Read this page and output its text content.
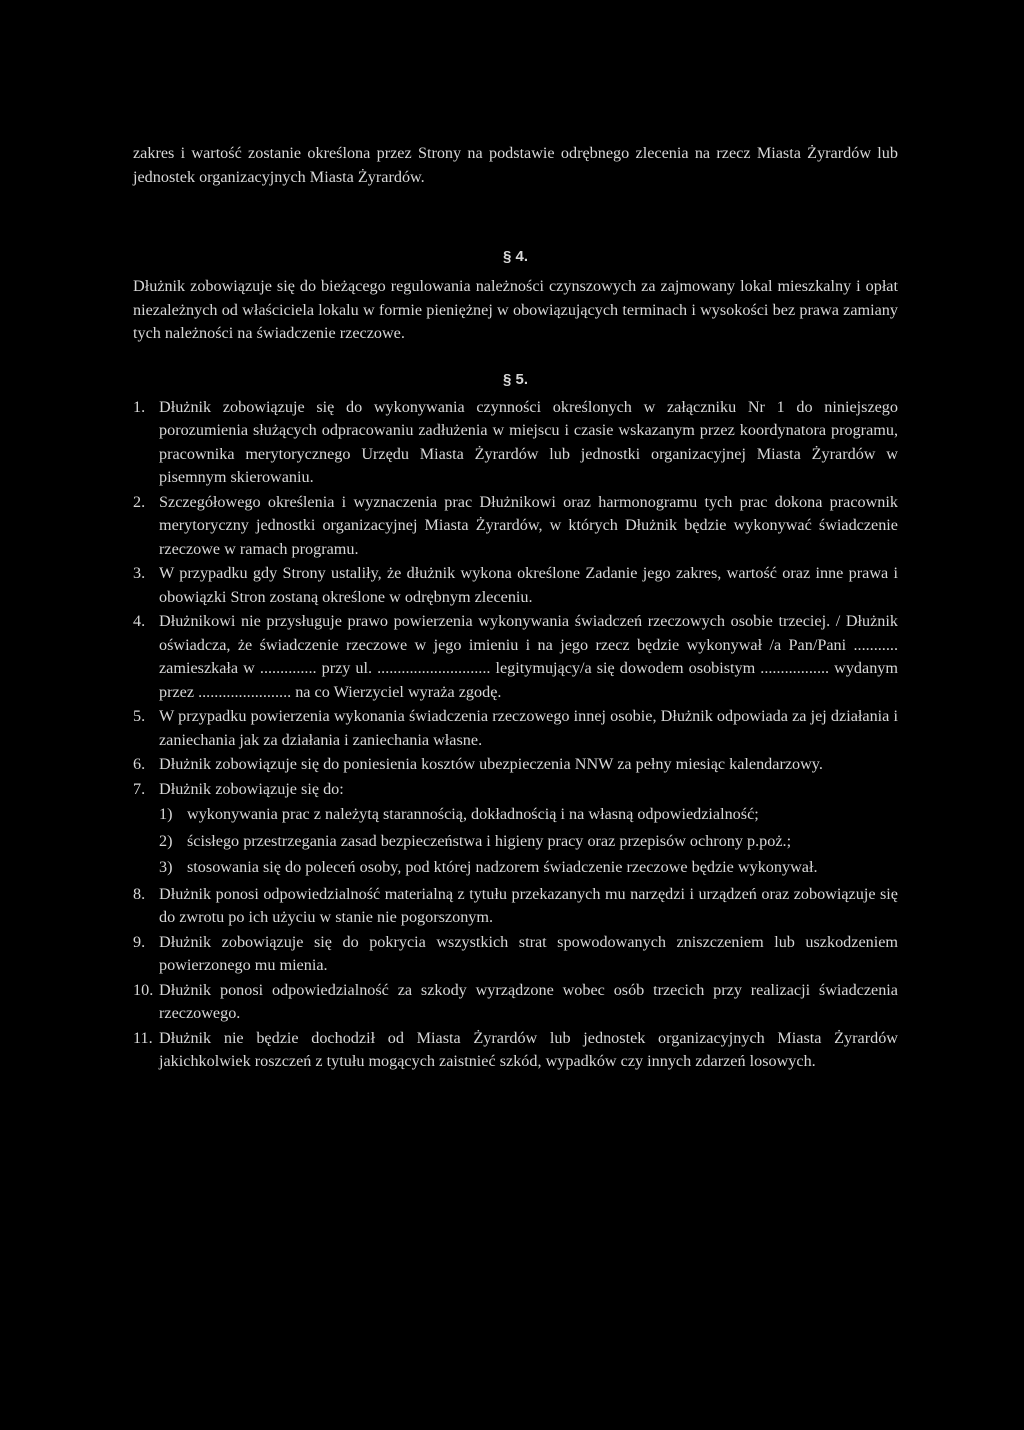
zakres i wartość zostanie określona przez Strony na podstawie odrębnego zlecenia na rzecz Miasta Żyrardów lub jednostek organizacyjnych Miasta Żyrardów.

§ 4.

Dłużnik zobowiązuje się do bieżącego regulowania należności czynszowych za zajmowany lokal mieszkalny i opłat niezależnych od właściciela lokalu w formie pieniężnej w obowiązujących terminach i wysokości bez prawa zamiany tych należności na świadczenie rzeczowe.

§ 5.
1. Dłużnik zobowiązuje się do wykonywania czynności określonych w załączniku Nr 1 do niniejszego porozumienia służących odpracowaniu zadłużenia w miejscu i czasie wskazanym przez koordynatora programu, pracownika merytorycznego Urzędu Miasta Żyrardów lub jednostki organizacyjnej Miasta Żyrardów w pisemnym skierowaniu.
2. Szczegółowego określenia i wyznaczenia prac Dłużnikowi oraz harmonogramu tych prac dokona pracownik merytoryczny jednostki organizacyjnej Miasta Żyrardów, w których Dłużnik będzie wykonywać świadczenie rzeczowe w ramach programu.
3. W przypadku gdy Strony ustaliły, że dłużnik wykona określone Zadanie jego zakres, wartość oraz inne prawa i obowiązki Stron zostaną określone w odrębnym zleceniu.
4. Dłużnikowi nie przysługuje prawo powierzenia wykonywania świadczeń rzeczowych osobie trzeciej. / Dłużnik oświadcza, że świadczenie rzeczowe w jego imieniu i na jego rzecz będzie wykonywał /a Pan/Pani ........... zamieszkała w .............. przy ul. ............................ legitymujący/a się dowodem osobistym ................. wydanym przez ....................... na co Wierzyciel wyraża zgodę.
5. W przypadku powierzenia wykonania świadczenia rzeczowego innej osobie, Dłużnik odpowiada za jej działania i zaniechania jak za działania i zaniechania własne.
6. Dłużnik zobowiązuje się do poniesienia kosztów ubezpieczenia NNW za pełny miesiąc kalendarzowy.
7. Dłużnik zobowiązuje się do:
1) wykonywania prac z należytą starannością, dokładnością i na własną odpowiedzialność;
2) ścisłego przestrzegania zasad bezpieczeństwa i higieny pracy oraz przepisów ochrony p.poż.;
3) stosowania się do poleceń osoby, pod której nadzorem świadczenie rzeczowe będzie wykonywał.
8. Dłużnik ponosi odpowiedzialność materialną z tytułu przekazanych mu narzędzi i urządzeń oraz zobowiązuje się do zwrotu po ich użyciu w stanie nie pogorszonym.
9. Dłużnik zobowiązuje się do pokrycia wszystkich strat spowodowanych zniszczeniem lub uszkodzeniem powierzonego mu mienia.
10. Dłużnik ponosi odpowiedzialność za szkody wyrządzone wobec osób trzecich przy realizacji świadczenia rzeczowego.
11. Dłużnik nie będzie dochodził od Miasta Żyrardów lub jednostek organizacyjnych Miasta Żyrardów jakichkolwiek roszczeń z tytułu mogących zaistnieć szkód, wypadków czy innych zdarzeń losowych.
